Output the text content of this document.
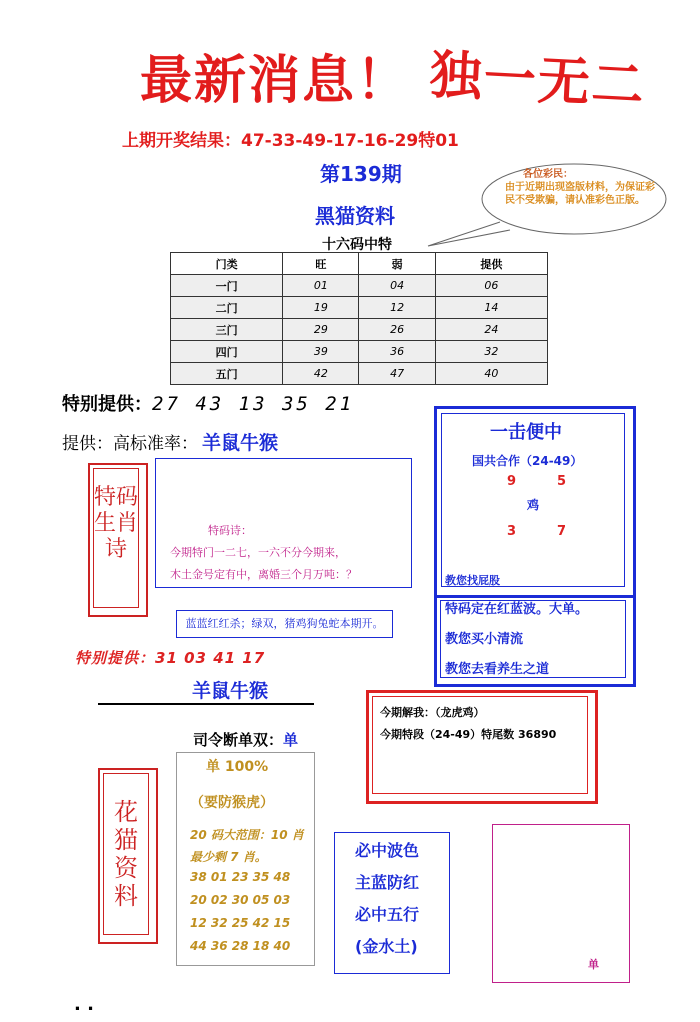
最新消息！ 独一无二
上期开奖结果：47-33-49-17-16-29特01
第139期	各位彩民：
由于近期出现盗版材料，为保证彩民不受欺骗，请认准彩色正版。
黑猫资料
十六码中特
门类	旺	弱	提供
一门	01	04	06
二门	19	12	14
三门	29	26	24
四门	39	36	32
五门	42	47	40
特别提供：27 43 13 35 21
提供：高标准率： 羊鼠牛猴
特码生肖诗
特码诗：
今期特门一二七，一六不分今期来，
木土金号定有中，离婚三个月万吨：？
蓝蓝红红杀；绿双，猪鸡狗兔蛇本期开。
一击便中
国共合作（24-49）
9	5
鸡
3	7
教您找屁股
特码定在红蓝波。大单。
教您买小清流
教您去看养生之道
特别提供：31 03 41 17
羊鼠牛猴
今期解我：（龙虎鸡）
今期特段（24-49）特尾数 36890
司令断单双：单
花猫资料
单 100%
（要防猴虎）
20 码大范围：10 肖
最少剩 7 肖。
38 01 23 35 48
20 02 30 05 03
12 32 25 42 15
44 36 28 18 40
必中波色
主蓝防红
必中五行
(金水土)
单
. .
